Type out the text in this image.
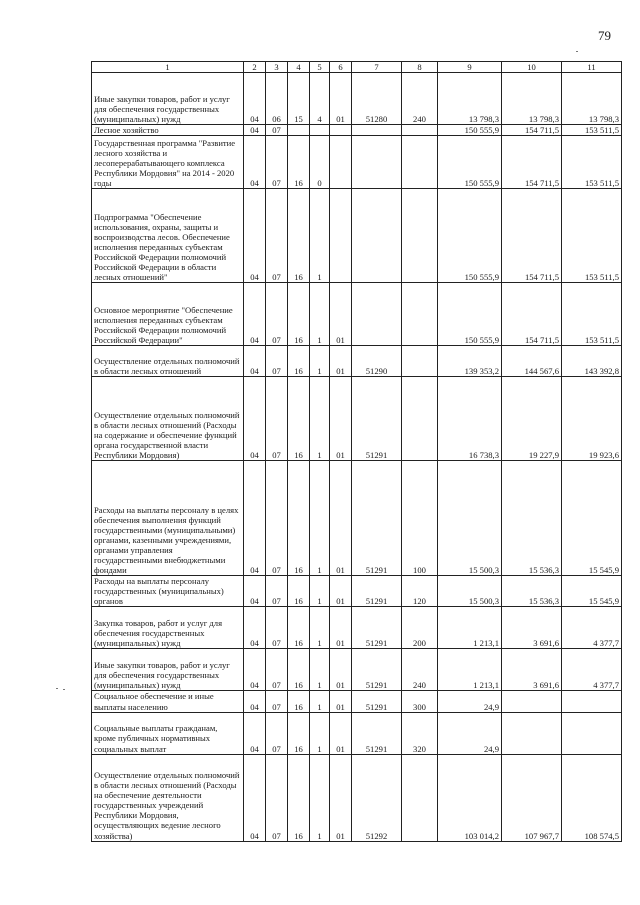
79
1	2	3	4	5	6	7	8	9	10	11
Иные закупки товаров, работ и услуг для обеспечения государственных (муниципальных) нужд	04	06	15	4	01	51280	240	13 798,3	13 798,3	13 798,3
Лесное хозяйство	04	07						150 555,9	154 711,5	153 511,5
Государственная программа "Развитие лесного хозяйства и лесоперерабатывающего комплекса Республики Мордовия" на 2014 - 2020 годы	04	07	16	0				150 555,9	154 711,5	153 511,5
Подпрограмма "Обеспечение использования, охраны, защиты и воспроизводства лесов. Обеспечение исполнения переданных субъектам Российской Федерации полномочий Российской Федерации в области лесных отношений"	04	07	16	1				150 555,9	154 711,5	153 511,5
Основное мероприятие "Обеспечение исполнения переданных субъектам Российской Федерации полномочий Российской Федерации"	04	07	16	1	01			150 555,9	154 711,5	153 511,5
Осуществление отдельных полномочий в области лесных отношений	04	07	16	1	01	51290		139 353,2	144 567,6	143 392,8
Осуществление отдельных полномочий в области лесных отношений (Расходы на содержание и обеспечение функций органа государственной власти Республики Мордовия)	04	07	16	1	01	51291		16 738,3	19 227,9	19 923,6
Расходы на выплаты персоналу в целях обеспечения выполнения функций государственными (муниципальными) органами, казенными учреждениями, органами управления государственными внебюджетными фондами	04	07	16	1	01	51291	100	15 500,3	15 536,3	15 545,9
Расходы на выплаты персоналу государственных (муниципальных) органов	04	07	16	1	01	51291	120	15 500,3	15 536,3	15 545,9
Закупка товаров, работ и услуг для обеспечения государственных (муниципальных) нужд	04	07	16	1	01	51291	200	1 213,1	3 691,6	4 377,7
Иные закупки товаров, работ и услуг для обеспечения государственных (муниципальных) нужд	04	07	16	1	01	51291	240	1 213,1	3 691,6	4 377,7
Социальное обеспечение и иные выплаты населению	04	07	16	1	01	51291	300	24,9		
Социальные выплаты гражданам, кроме публичных нормативных социальных выплат	04	07	16	1	01	51291	320	24,9		
Осуществление отдельных полномочий в области лесных отношений (Расходы на обеспечение деятельности государственных учреждений Республики Мордовия, осуществляющих ведение лесного хозяйства)	04	07	16	1	01	51292		103 014,2	107 967,7	108 574,5
